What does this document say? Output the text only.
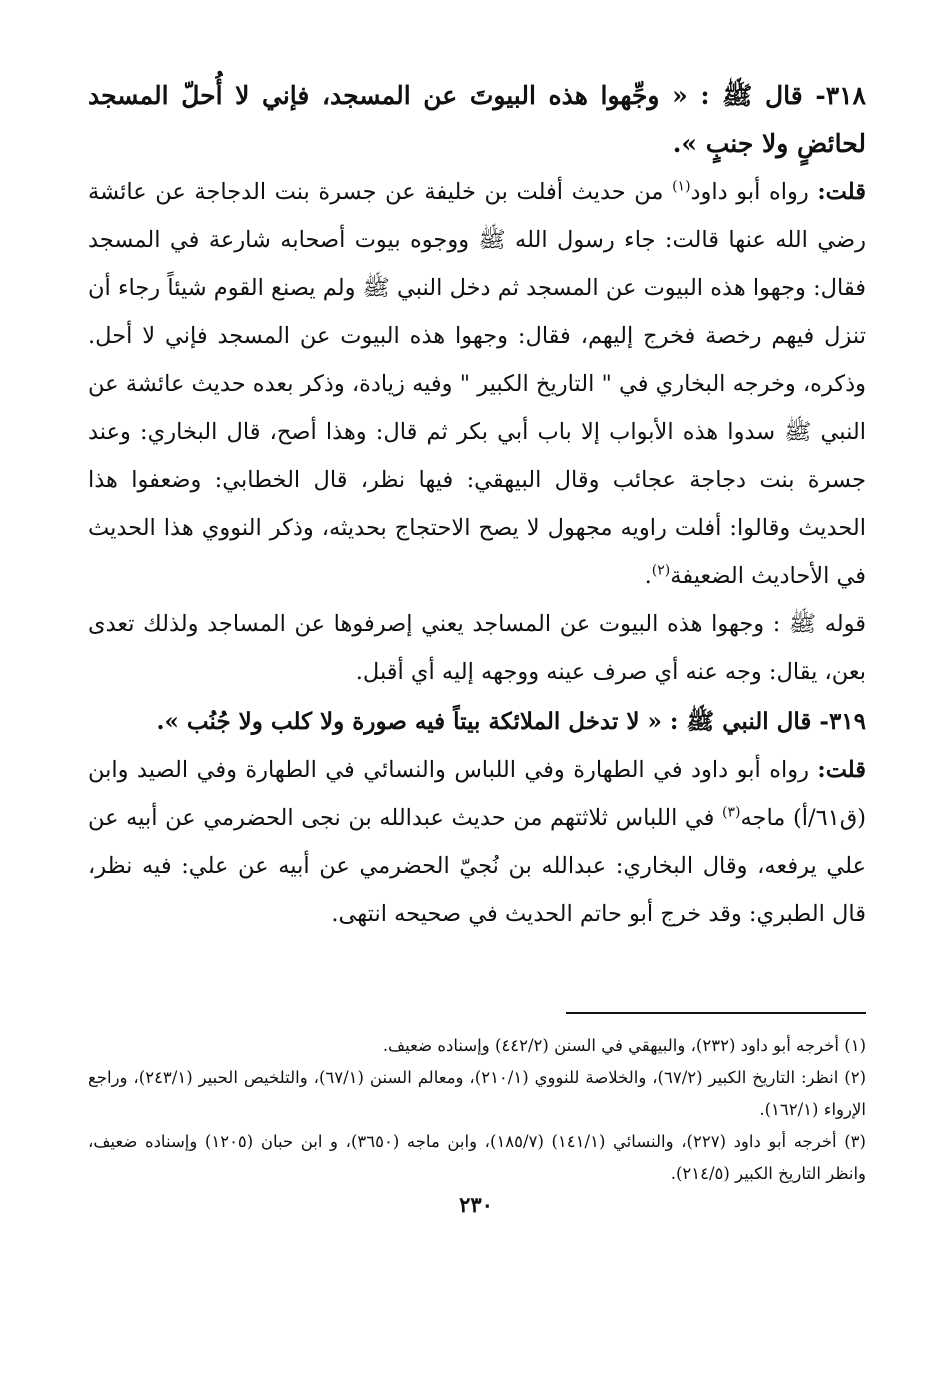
٣١٨- قال ﷺ : « وجِّهوا هذه البيوتَ عن المسجد، فإني لا أُحلّ المسجد لحائضٍ ولا جنبٍ ».

قلت: رواه أبو داود$^{(١)}$ من حديث أفلت بن خليفة عن جسرة بنت الدجاجة عن عائشة رضي الله عنها قالت: جاء رسول الله ﷺ ووجوه بيوت أصحابه شارعة في المسجد فقال: وجهوا هذه البيوت عن المسجد ثم دخل النبي ﷺ ولم يصنع القوم شيئاً رجاء أن تنزل فيهم رخصة فخرج إليهم، فقال: وجهوا هذه البيوت عن المسجد فإني لا أحل. وذكره، وخرجه البخاري في " التاريخ الكبير " وفيه زيادة، وذكر بعده حديث عائشة عن النبي ﷺ سدوا هذه الأبواب إلا باب أبي بكر ثم قال: وهذا أصح، قال البخاري: وعند جسرة بنت دجاجة عجائب وقال البيهقي: فيها نظر، قال الخطابي: وضعفوا هذا الحديث وقالوا: أفلت راويه مجهول لا يصح الاحتجاج بحديثه، وذكر النووي هذا الحديث في الأحاديث الضعيفة$^{(٢)}$.

قوله ﷺ : وجهوا هذه البيوت عن المساجد يعني إصرفوها عن المساجد ولذلك تعدى بعن، يقال: وجه عنه أي صرف عينه ووجهه إليه أي أقبل.

٣١٩- قال النبي ﷺ : « لا تدخل الملائكة بيتاً فيه صورة ولا كلب ولا جُنُب ».

قلت: رواه أبو داود في الطهارة وفي اللباس والنسائي في الطهارة وفي الصيد وابن (ق٦١/أ) ماجه$^{(٣)}$ في اللباس ثلاثتهم من حديث عبدالله بن نجى الحضرمي عن أبيه عن علي يرفعه، وقال البخاري: عبدالله بن نُجيّ الحضرمي عن أبيه عن علي: فيه نظر، قال الطبري: وقد خرج أبو حاتم الحديث في صحيحه انتهى.

(١) أخرجه أبو داود (٢٣٢)، والبيهقي في السنن (٤٤٢/٢) وإسناده ضعيف.

(٢) انظر: التاريخ الكبير (٦٧/٢)، والخلاصة للنووي (٢١٠/١)، ومعالم السنن (٦٧/١)، والتلخيص الحبير (٢٤٣/١)، وراجع الإرواء (١٦٢/١).

(٣) أخرجه أبو داود (٢٢٧)، والنسائي (١٤١/١) (١٨٥/٧)، وابن ماجه (٣٦٥٠)، و ابن حبان (١٢٠٥) وإسناده ضعيف، وانظر التاريخ الكبير (٢١٤/٥).

٢٣٠
